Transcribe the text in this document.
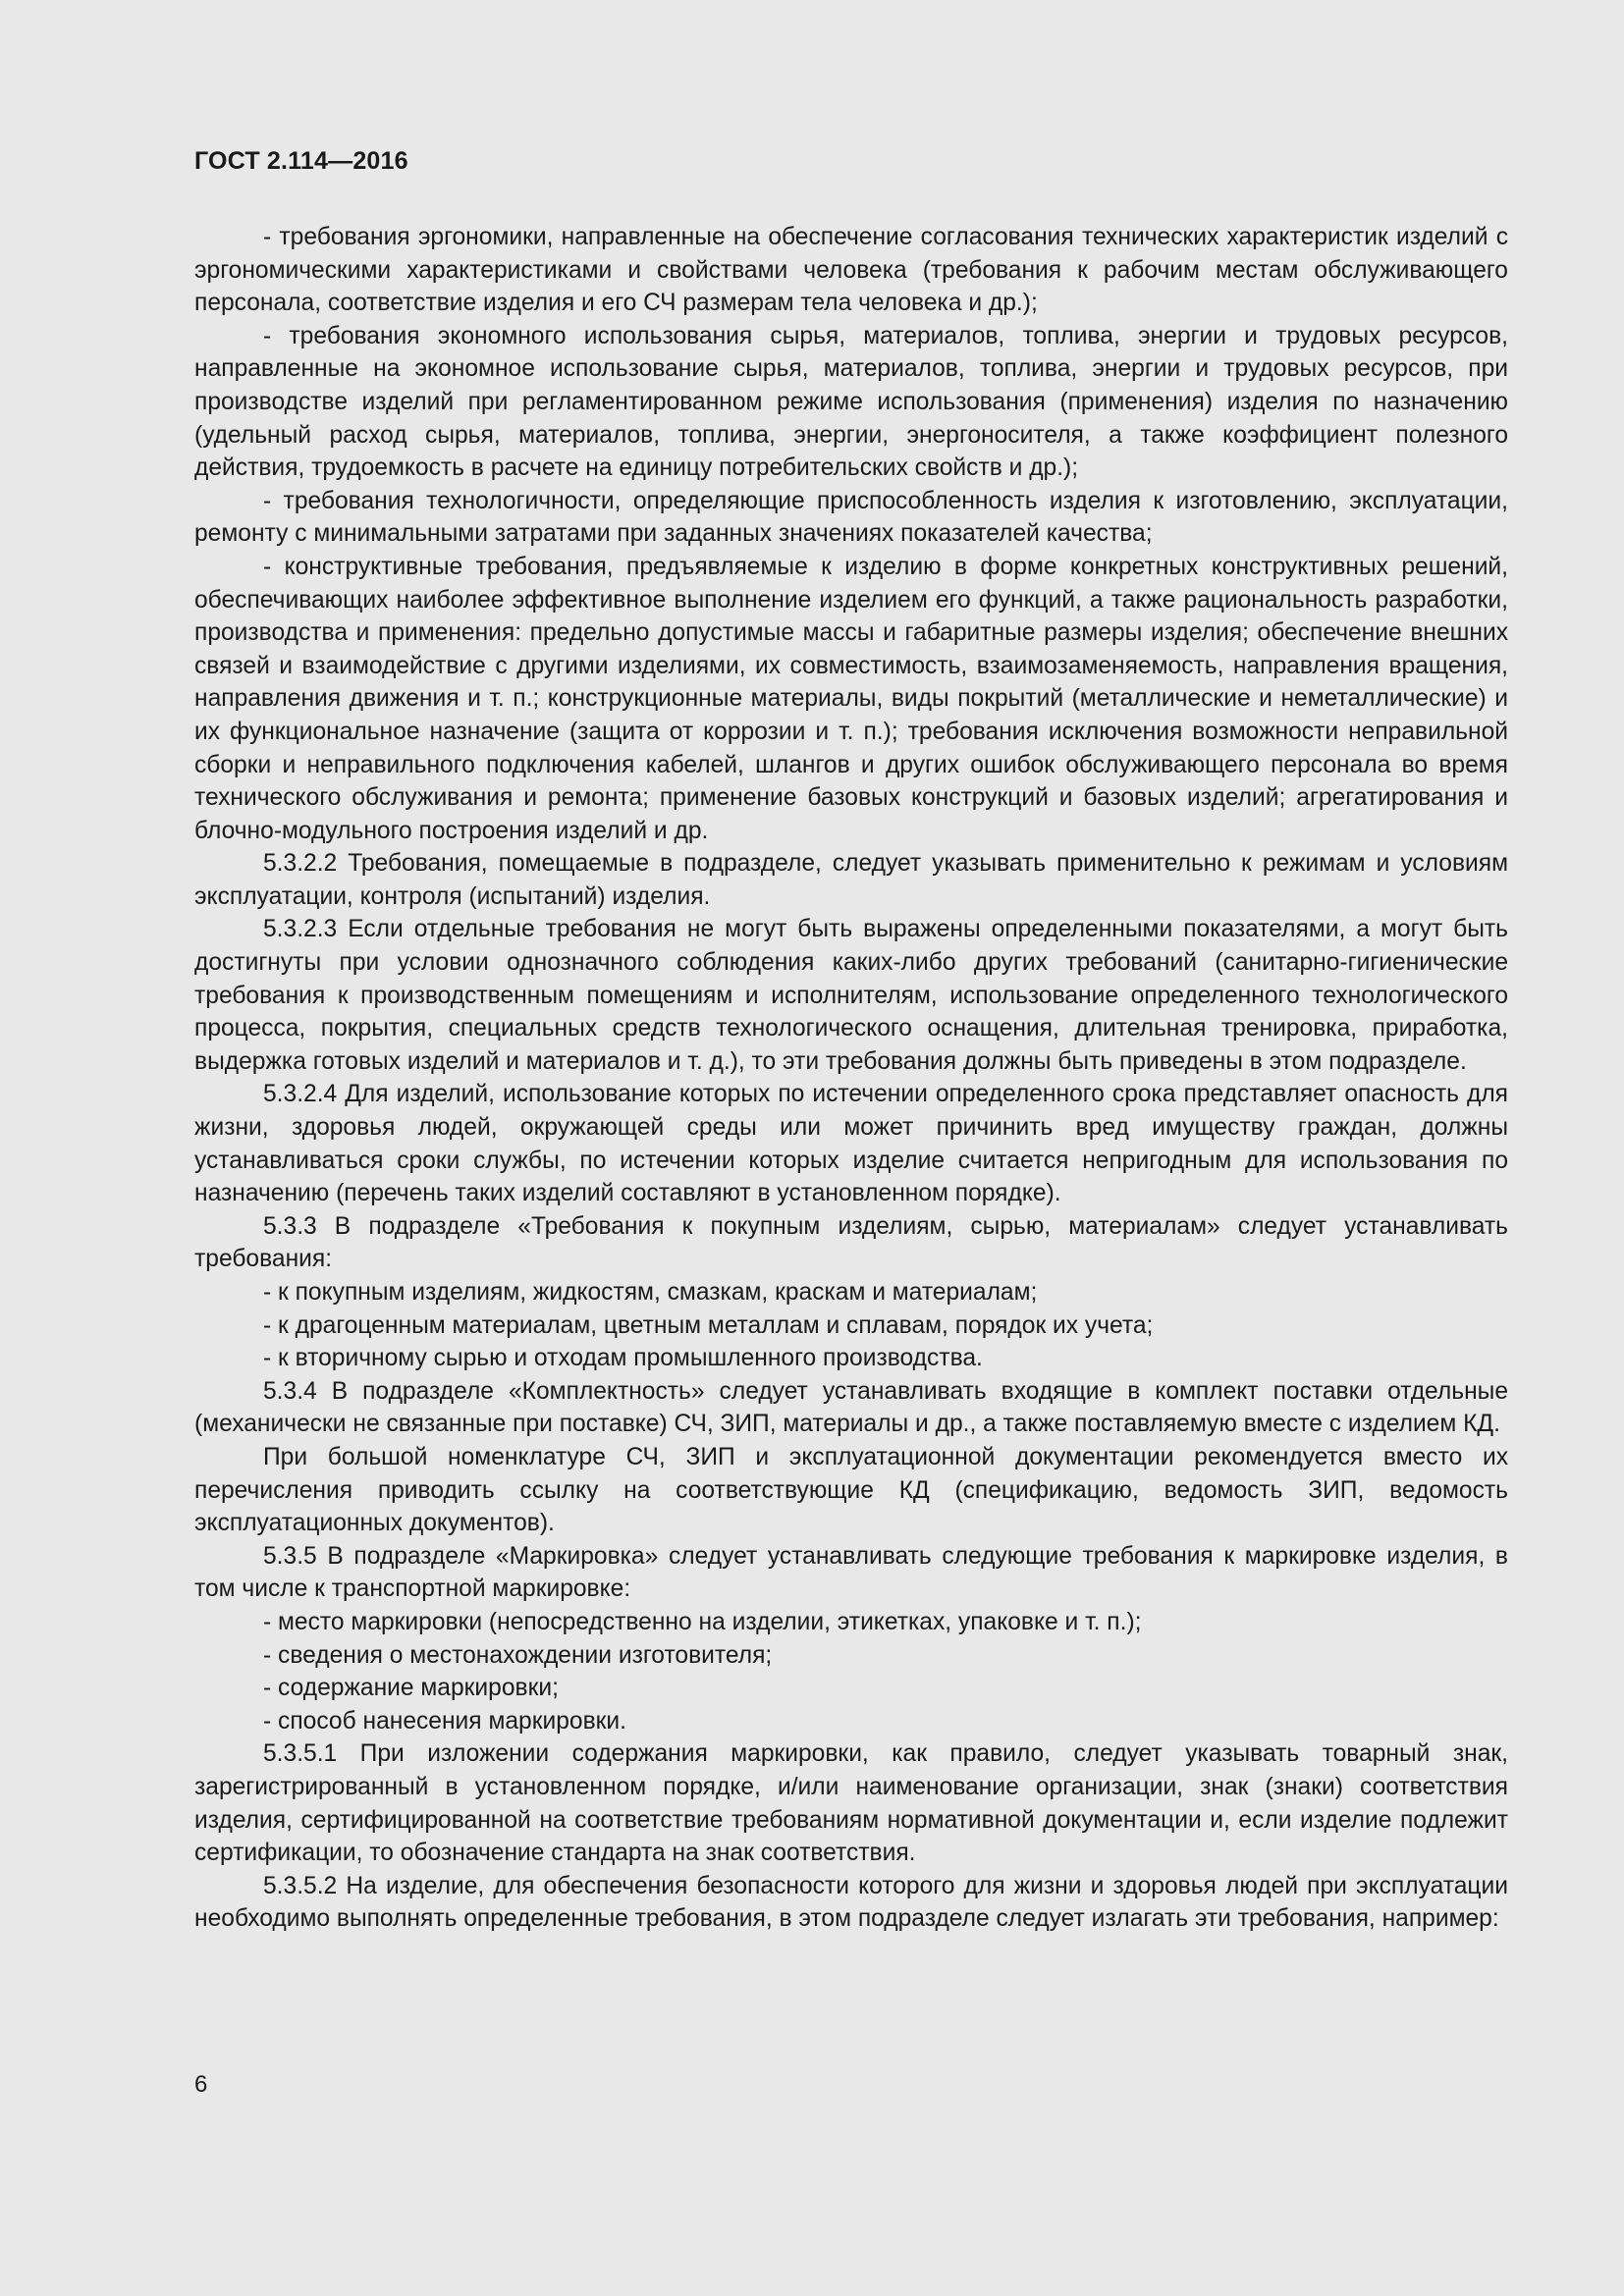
ГОСТ 2.114—2016

- требования эргономики, направленные на обеспечение согласования технических характеристик изделий с эргономическими характеристиками и свойствами человека (требования к рабочим местам обслуживающего персонала, соответствие изделия и его СЧ размерам тела человека и др.);

- требования экономного использования сырья, материалов, топлива, энергии и трудовых ресурсов, направленные на экономное использование сырья, материалов, топлива, энергии и трудовых ресурсов, при производстве изделий при регламентированном режиме использования (применения) изделия по назначению (удельный расход сырья, материалов, топлива, энергии, энергоносителя, а также коэффициент полезного действия, трудоемкость в расчете на единицу потребительских свойств и др.);

- требования технологичности, определяющие приспособленность изделия к изготовлению, эксплуатации, ремонту с минимальными затратами при заданных значениях показателей качества;

- конструктивные требования, предъявляемые к изделию в форме конкретных конструктивных решений, обеспечивающих наиболее эффективное выполнение изделием его функций, а также рациональность разработки, производства и применения: предельно допустимые массы и габаритные размеры изделия; обеспечение внешних связей и взаимодействие с другими изделиями, их совместимость, взаимозаменяемость, направления вращения, направления движения и т. п.; конструкционные материалы, виды покрытий (металлические и неметаллические) и их функциональное назначение (защита от коррозии и т. п.); требования исключения возможности неправильной сборки и неправильного подключения кабелей, шлангов и других ошибок обслуживающего персонала во время технического обслуживания и ремонта; применение базовых конструкций и базовых изделий; агрегатирования и блочно-модульного построения изделий и др.

5.3.2.2 Требования, помещаемые в подразделе, следует указывать применительно к режимам и условиям эксплуатации, контроля (испытаний) изделия.

5.3.2.3 Если отдельные требования не могут быть выражены определенными показателями, а могут быть достигнуты при условии однозначного соблюдения каких-либо других требований (санитарно-гигиенические требования к производственным помещениям и исполнителям, использование определенного технологического процесса, покрытия, специальных средств технологического оснащения, длительная тренировка, приработка, выдержка готовых изделий и материалов и т. д.), то эти требования должны быть приведены в этом подразделе.

5.3.2.4 Для изделий, использование которых по истечении определенного срока представляет опасность для жизни, здоровья людей, окружающей среды или может причинить вред имуществу граждан, должны устанавливаться сроки службы, по истечении которых изделие считается непригодным для использования по назначению (перечень таких изделий составляют в установленном порядке).

5.3.3 В подразделе «Требования к покупным изделиям, сырью, материалам» следует устанавливать требования:

- к покупным изделиям, жидкостям, смазкам, краскам и материалам;

- к драгоценным материалам, цветным металлам и сплавам, порядок их учета;

- к вторичному сырью и отходам промышленного производства.

5.3.4 В подразделе «Комплектность» следует устанавливать входящие в комплект поставки отдельные (механически не связанные при поставке) СЧ, ЗИП, материалы и др., а также поставляемую вместе с изделием КД.

При большой номенклатуре СЧ, ЗИП и эксплуатационной документации рекомендуется вместо их перечисления приводить ссылку на соответствующие КД (спецификацию, ведомость ЗИП, ведомость эксплуатационных документов).

5.3.5 В подразделе «Маркировка» следует устанавливать следующие требования к маркировке изделия, в том числе к транспортной маркировке:

- место маркировки (непосредственно на изделии, этикетках, упаковке и т. п.);

- сведения о местонахождении изготовителя;

- содержание маркировки;

- способ нанесения маркировки.

5.3.5.1 При изложении содержания маркировки, как правило, следует указывать товарный знак, зарегистрированный в установленном порядке, и/или наименование организации, знак (знаки) соответствия изделия, сертифицированной на соответствие требованиям нормативной документации и, если изделие подлежит сертификации, то обозначение стандарта на знак соответствия.

5.3.5.2 На изделие, для обеспечения безопасности которого для жизни и здоровья людей при эксплуатации необходимо выполнять определенные требования, в этом подразделе следует излагать эти требования, например:

6
